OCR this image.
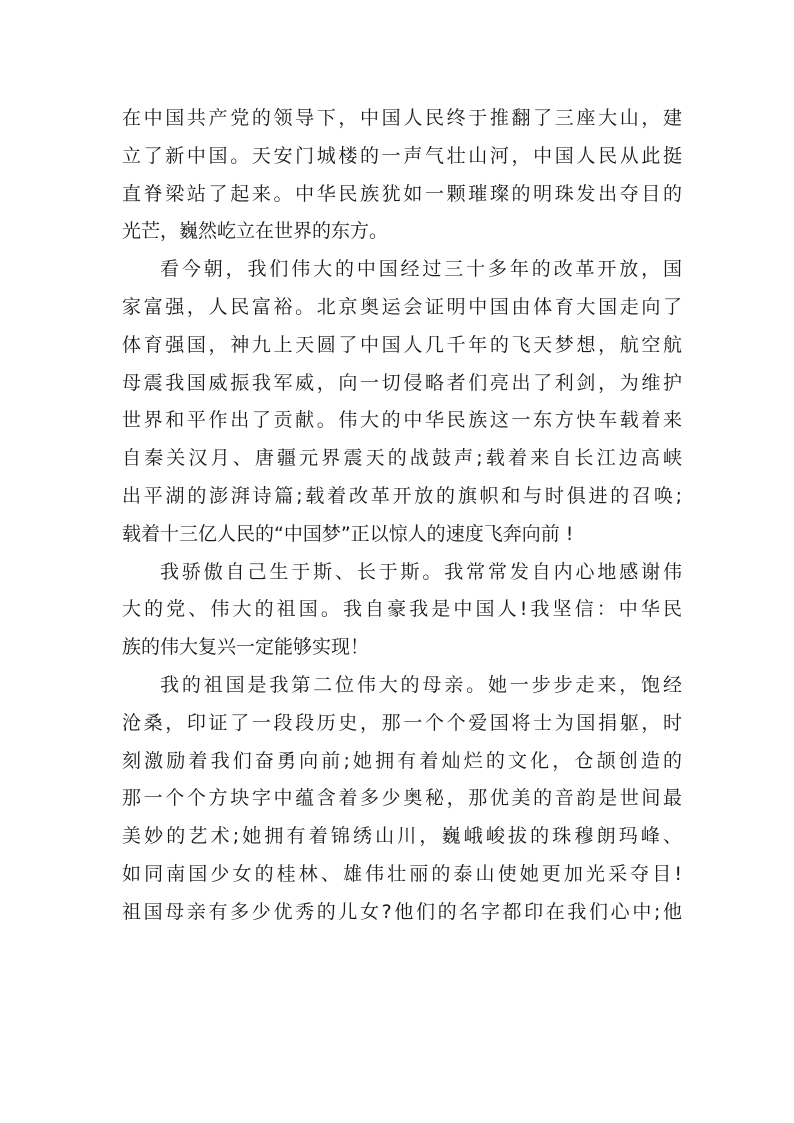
在中国共产党的领导下，中国人民终于推翻了三座大山，建
立了新中国。天安门城楼的一声气壮山河，中国人民从此挺
直脊梁站了起来。中华民族犹如一颗璀璨的明珠发出夺目的
光芒，巍然屹立在世界的东方。
看今朝，我们伟大的中国经过三十多年的改革开放，国
家富强，人民富裕。北京奥运会证明中国由体育大国走向了
体育强国，神九上天圆了中国人几千年的飞天梦想，航空航
母震我国威振我军威，向一切侵略者们亮出了利剑，为维护
世界和平作出了贡献。伟大的中华民族这一东方快车载着来
自秦关汉月、唐疆元界震天的战鼓声;载着来自长江边高峡
出平湖的澎湃诗篇;载着改革开放的旗帜和与时俱进的召唤;
载着十三亿人民的“中国梦”正以惊人的速度飞奔向前 !
我骄傲自己生于斯、长于斯。我常常发自内心地感谢伟
大的党、伟大的祖国。我自豪我是中国人!我坚信：中华民
族的伟大复兴一定能够实现！
我的祖国是我第二位伟大的母亲。她一步步走来，饱经
沧桑，印证了一段段历史，那一个个爱国将士为国捐躯，时
刻激励着我们奋勇向前;她拥有着灿烂的文化，仓颉创造的
那一个个方块字中蕴含着多少奥秘，那优美的音韵是世间最
美妙的艺术;她拥有着锦绣山川，巍峨峻拔的珠穆朗玛峰、
如同南国少女的桂林、雄伟壮丽的泰山使她更加光采夺目!
祖国母亲有多少优秀的儿女?他们的名字都印在我们心中;他
